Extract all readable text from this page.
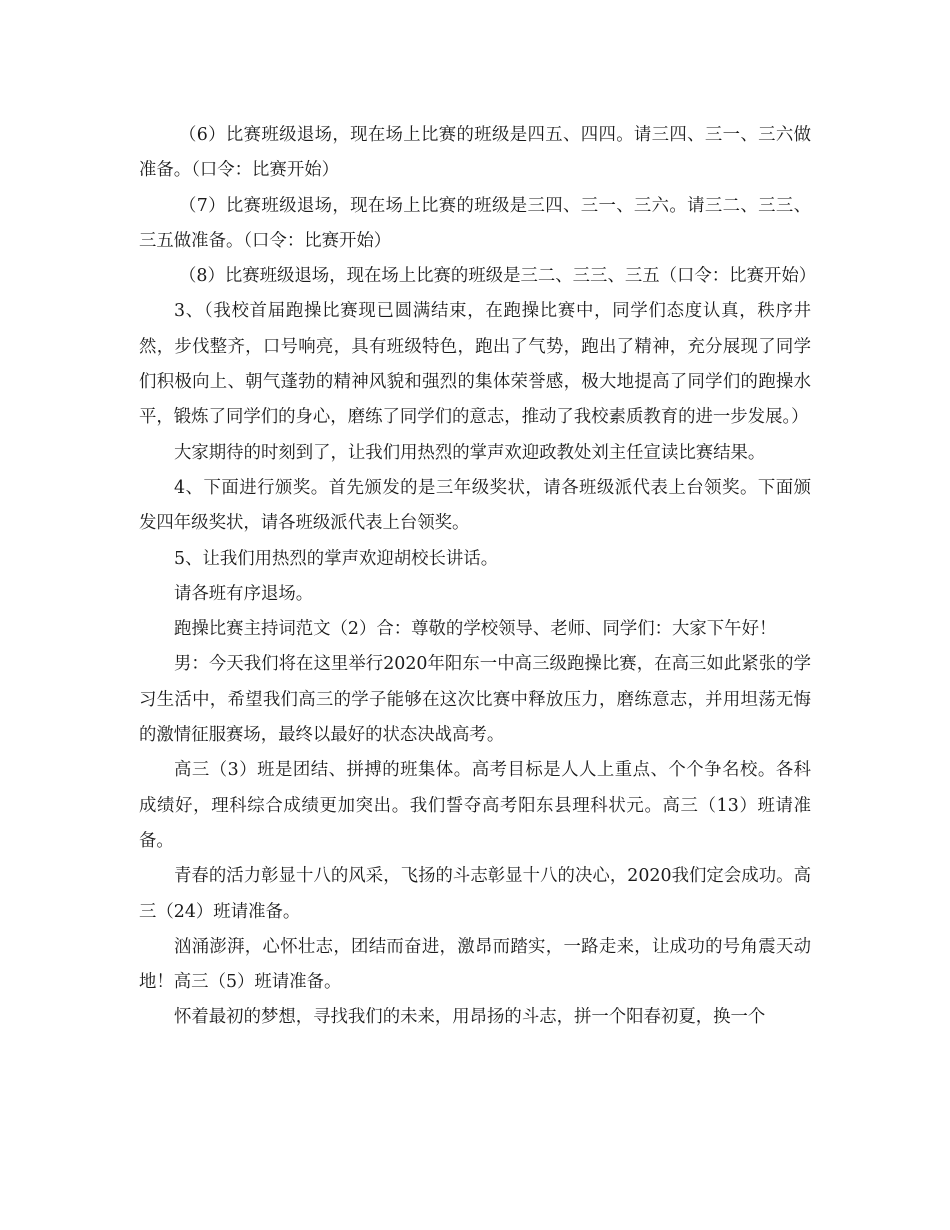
（6）比赛班级退场，现在场上比赛的班级是四五、四四。请三四、三一、三六做准备。（口令：比赛开始）

（7）比赛班级退场，现在场上比赛的班级是三四、三一、三六。请三二、三三、三五做准备。（口令：比赛开始）

（8）比赛班级退场，现在场上比赛的班级是三二、三三、三五（口令：比赛开始）

3、（我校首届跑操比赛现已圆满结束，在跑操比赛中，同学们态度认真，秩序井然，步伐整齐，口号响亮，具有班级特色，跑出了气势，跑出了精神，充分展现了同学们积极向上、朝气蓬勃的精神风貌和强烈的集体荣誉感，极大地提高了同学们的跑操水平，锻炼了同学们的身心，磨练了同学们的意志，推动了我校素质教育的进一步发展。）

大家期待的时刻到了，让我们用热烈的掌声欢迎政教处刘主任宣读比赛结果。

4、下面进行颁奖。首先颁发的是三年级奖状，请各班级派代表上台领奖。下面颁发四年级奖状，请各班级派代表上台领奖。

5、让我们用热烈的掌声欢迎胡校长讲话。

请各班有序退场。

跑操比赛主持词范文（2）合：尊敬的学校领导、老师、同学们：大家下午好！

男：今天我们将在这里举行2020年阳东一中高三级跑操比赛，在高三如此紧张的学习生活中，希望我们高三的学子能够在这次比赛中释放压力，磨练意志，并用坦荡无悔的激情征服赛场，最终以最好的状态决战高考。

高三（3）班是团结、拼搏的班集体。高考目标是人人上重点、个个争名校。各科成绩好，理科综合成绩更加突出。我们誓夺高考阳东县理科状元。高三（13）班请准备。

青春的活力彰显十八的风采，飞扬的斗志彰显十八的决心，2020我们定会成功。高三（24）班请准备。

汹涌澎湃，心怀壮志，团结而奋进，激昂而踏实，一路走来，让成功的号角震天动地！高三（5）班请准备。

怀着最初的梦想，寻找我们的未来，用昂扬的斗志，拼一个阳春初夏，换一个
